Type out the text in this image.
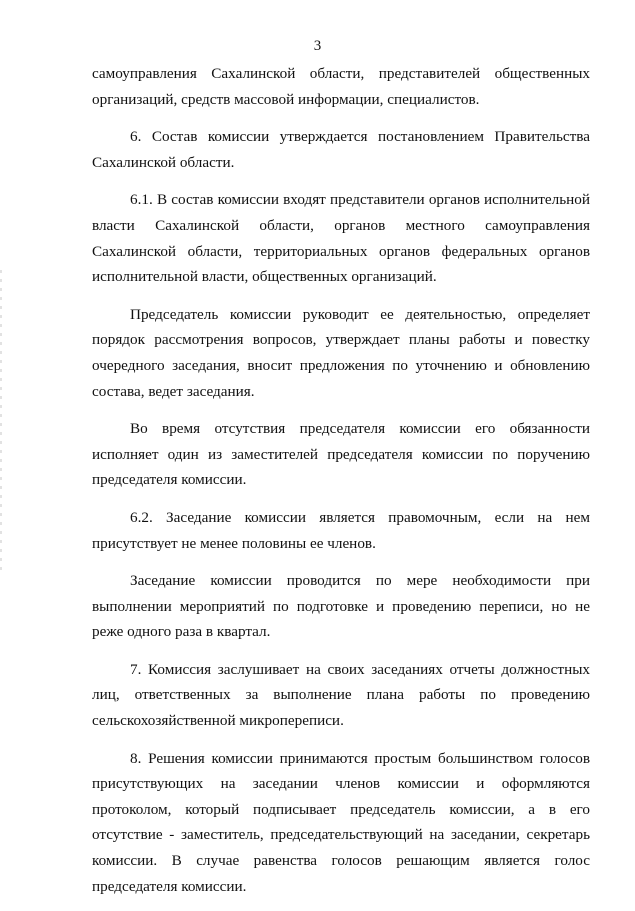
3

самоуправления Сахалинской области, представителей общественных организаций, средств массовой информации, специалистов.

6. Состав комиссии утверждается постановлением Правительства Сахалинской области.

6.1. В состав комиссии входят представители органов исполнительной власти Сахалинской области, органов местного самоуправления Сахалинской области, территориальных органов федеральных органов исполнительной власти, общественных организаций.

Председатель комиссии руководит ее деятельностью, определяет порядок рассмотрения вопросов, утверждает планы работы и повестку очередного заседания, вносит предложения по уточнению и обновлению состава, ведет заседания.

Во время отсутствия председателя комиссии его обязанности исполняет один из заместителей председателя комиссии по поручению председателя комиссии.

6.2. Заседание комиссии является правомочным, если на нем присутствует не менее половины ее членов.

Заседание комиссии проводится по мере необходимости при выполнении мероприятий по подготовке и проведению переписи, но не реже одного раза в квартал.

7. Комиссия заслушивает на своих заседаниях отчеты должностных лиц, ответственных за выполнение плана работы по проведению сельскохозяйственной микропереписи.

8. Решения комиссии принимаются простым большинством голосов присутствующих на заседании членов комиссии и оформляются протоколом, который подписывает председатель комиссии, а в его отсутствие - заместитель, председательствующий на заседании, секретарь комиссии. В случае равенства голосов решающим является голос председателя комиссии.
